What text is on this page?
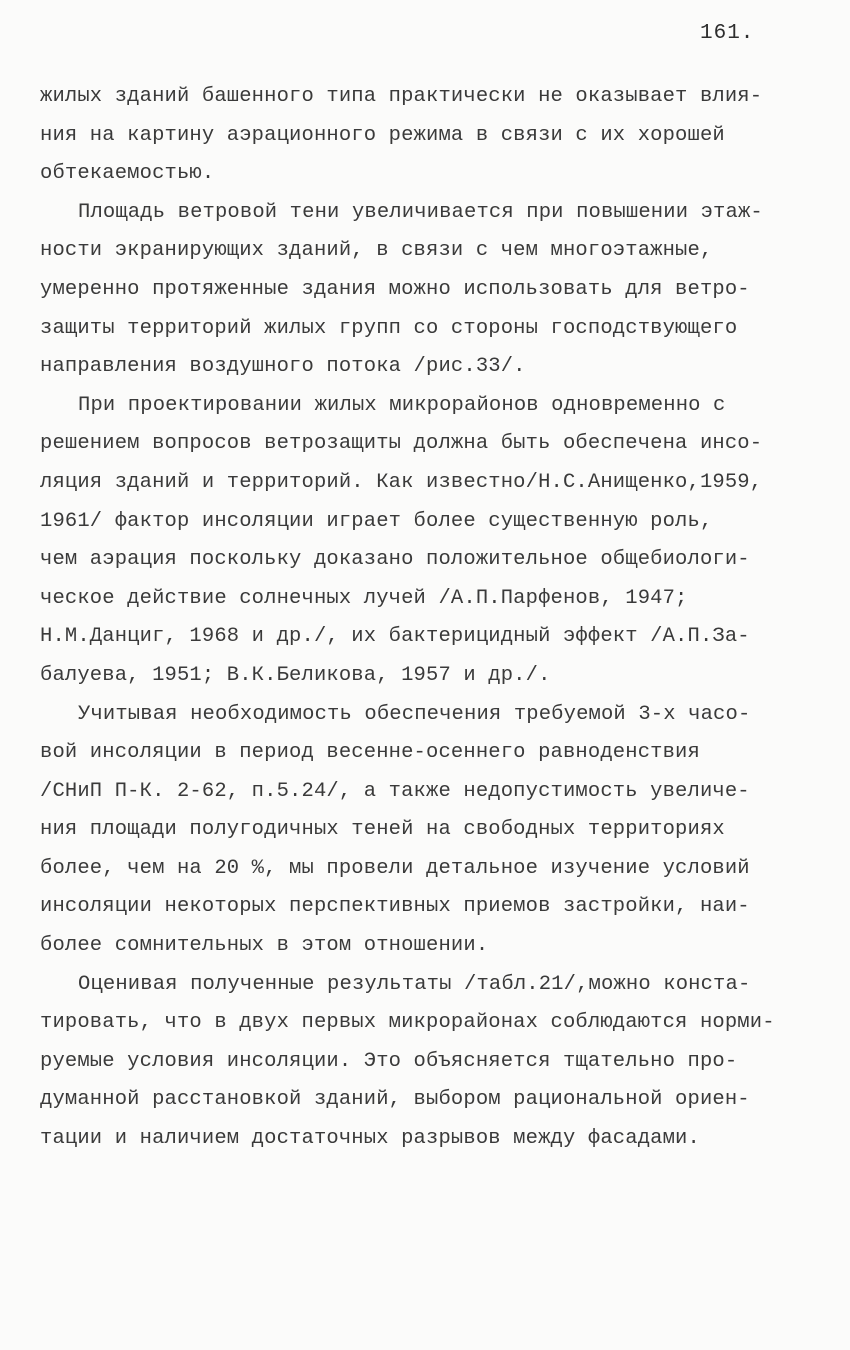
161.
жилых зданий башенного типа практически не оказывает влия-
ния на картину аэрационного режима в связи с их хорошей
обтекаемостью.
Площадь ветровой тени увеличивается при повышении этаж-
ности экранирующих зданий, в связи с чем многоэтажные,
умеренно протяженные здания можно использовать для ветро-
защиты территорий жилых групп со стороны господствующего
направления воздушного потока /рис.33/.
При проектировании жилых микрорайонов одновременно с
решением вопросов ветрозащиты должна быть обеспечена инсо-
ляция зданий и территорий. Как известно/Н.С.Анищенко,1959,
1961/ фактор инсоляции играет более существенную роль,
чем аэрация поскольку доказано положительное общебиологи-
ческое действие солнечных лучей /А.П.Парфенов, 1947;
Н.М.Данциг, 1968 и др./, их бактерицидный эффект /А.П.За-
балуева, 1951; В.К.Беликова, 1957 и др./.
Учитывая необходимость обеспечения требуемой 3-х часо-
вой инсоляции в период весенне-осеннего равноденствия
/СНиП П-К. 2-62, п.5.24/, а также недопустимость увеличе-
ния площади полугодичных теней на свободных территориях
более, чем на 20 %, мы провели детальное изучение условий
инсоляции некоторых перспективных приемов застройки, наи-
более сомнительных в этом отношении.
Оценивая полученные результаты /табл.21/,можно конста-
тировать, что в двух первых микрорайонах соблюдаются норми-
руемые условия инсоляции. Это объясняется тщательно про-
думанной расстановкой зданий, выбором рациональной ориен-
тации и наличием достаточных разрывов между фасадами.
